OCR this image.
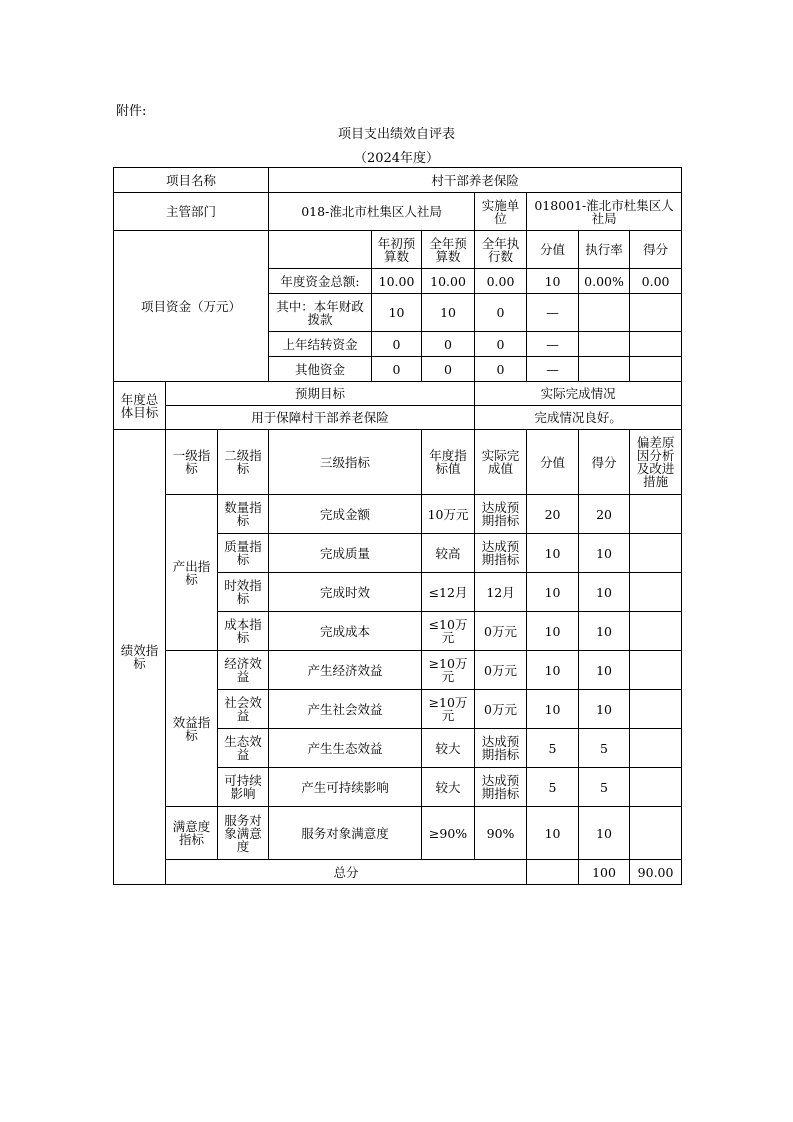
附件:
项目支出绩效自评表
（2024年度）
项目名称			村干部养老保险							
主管部门			018-淮北市杜集区人社局			实施单位	018001-淮北市杜集区人社局			
项目资金（万元）				年初预算数	全年预算数	全年执行数	分值	执行率	得分	
			年度资金总额:	10.00	10.00	0.00	10	0.00%	0.00	
			其中：本年财政拨款	10	10	0	—			
			上年结转资金	0	0	0	—			
			其他资金	0	0	0	—			
年度总体目标	预期目标					实际完成情况				
	用于保障村干部养老保险					完成情况良好。				
绩效指标	一级指标	二级指标	三级指标		年度指标值	实际完成值	分值	得分	偏差原因分析及改进措施	
	产出指标	数量指标	完成金额		10万元	达成预期指标	20	20		
		质量指标	完成质量		较高	达成预期指标	10	10		
		时效指标	完成时效		≤12月	12月	10	10		
		成本指标	完成成本		≤10万元	0万元	10	10		
	效益指标	经济效益	产生经济效益		≥10万元	0万元	10	10		
		社会效益	产生社会效益		≥10万元	0万元	10	10		
		生态效益	产生生态效益		较大	达成预期指标	5	5		
		可持续影响	产生可持续影响		较大	达成预期指标	5	5		
	满意度指标	服务对象满意度	服务对象满意度		≥90%	90%	10	10		
	总分							100	90.00	
